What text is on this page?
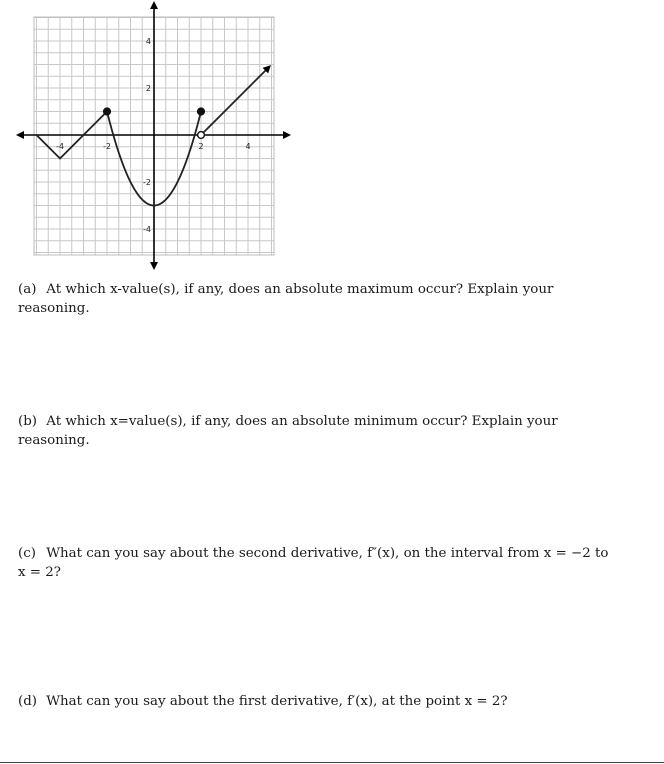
-4	-2	2	4
4
2
-2
-4
(a) At which x-value(s), if any, does an absolute maximum occur? Explain your reasoning.
(b) At which x=value(s), if any, does an absolute minimum occur? Explain your reasoning.
(c) What can you say about the second derivative, f″(x), on the interval from x = −2 to
x = 2?
(d) What can you say about the first derivative, f′(x), at the point x = 2?
